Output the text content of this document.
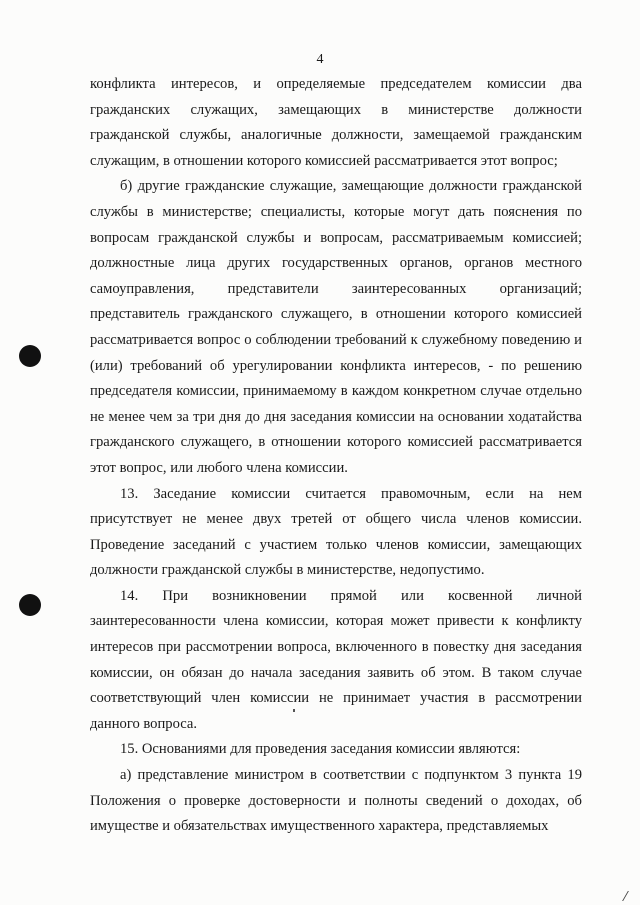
4

конфликта интересов, и определяемые председателем комиссии два гражданских служащих, замещающих в министерстве должности гражданской службы, аналогичные должности, замещаемой гражданским служащим, в отношении которого комиссией рассматривается этот вопрос;

б) другие гражданские служащие, замещающие должности гражданской службы в министерстве; специалисты, которые могут дать пояснения по вопросам гражданской службы и вопросам, рассматриваемым комиссией; должностные лица других государственных органов, органов местного самоуправления, представители заинтересованных организаций; представитель гражданского служащего, в отношении которого комиссией рассматривается вопрос о соблюдении требований к служебному поведению и (или) требований об урегулировании конфликта интересов, - по решению председателя комиссии, принимаемому в каждом конкретном случае отдельно не менее чем за три дня до дня заседания комиссии на основании ходатайства гражданского служащего, в отношении которого комиссией рассматривается этот вопрос, или любого члена комиссии.

13. Заседание комиссии считается правомочным, если на нем присутствует не менее двух третей от общего числа членов комиссии. Проведение заседаний с участием только членов комиссии, замещающих должности гражданской службы в министерстве, недопустимо.

14. При возникновении прямой или косвенной личной заинтересованности члена комиссии, которая может привести к конфликту интересов при рассмотрении вопроса, включенного в повестку дня заседания комиссии, он обязан до начала заседания заявить об этом. В таком случае соответствующий член комиссии не принимает участия в рассмотрении данного вопроса.

15. Основаниями для проведения заседания комиссии являются:

а) представление министром в соответствии с подпунктом 3 пункта 19 Положения о проверке достоверности и полноты сведений о доходах, об имуществе и обязательствах имущественного характера, представляемых
